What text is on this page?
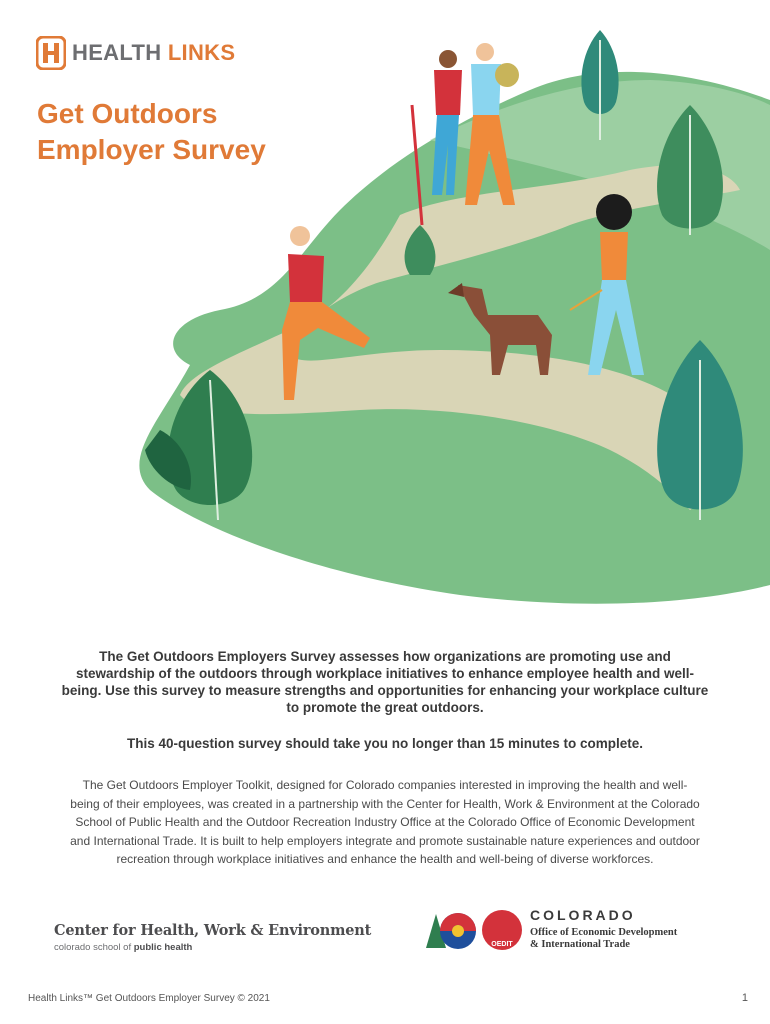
HEALTH LINKS
Get Outdoors
Employer Survey

The Get Outdoors Employers Survey assesses how organizations are promoting use and stewardship of the outdoors through workplace initiatives to enhance employee health and well-being. Use this survey to measure strengths and opportunities for enhancing your workplace culture to promote the great outdoors.

This 40-question survey should take you no longer than 15 minutes to complete.

The Get Outdoors Employer Toolkit, designed for Colorado companies interested in improving the health and well-being of their employees, was created in a partnership with the Center for Health, Work & Environment at the Colorado School of Public Health and the Outdoor Recreation Industry Office at the Colorado Office of Economic Development and International Trade. It is built to help employers integrate and promote sustainable nature experiences and outdoor recreation through workplace initiatives and enhance the health and well-being of diverse workforces.

Center for Health, Work & Environment
colorado school of public health	OEDIT
COLORADO
Office of Economic Development
& International Trade
Health Links™ Get Outdoors Employer Survey © 2021	1
